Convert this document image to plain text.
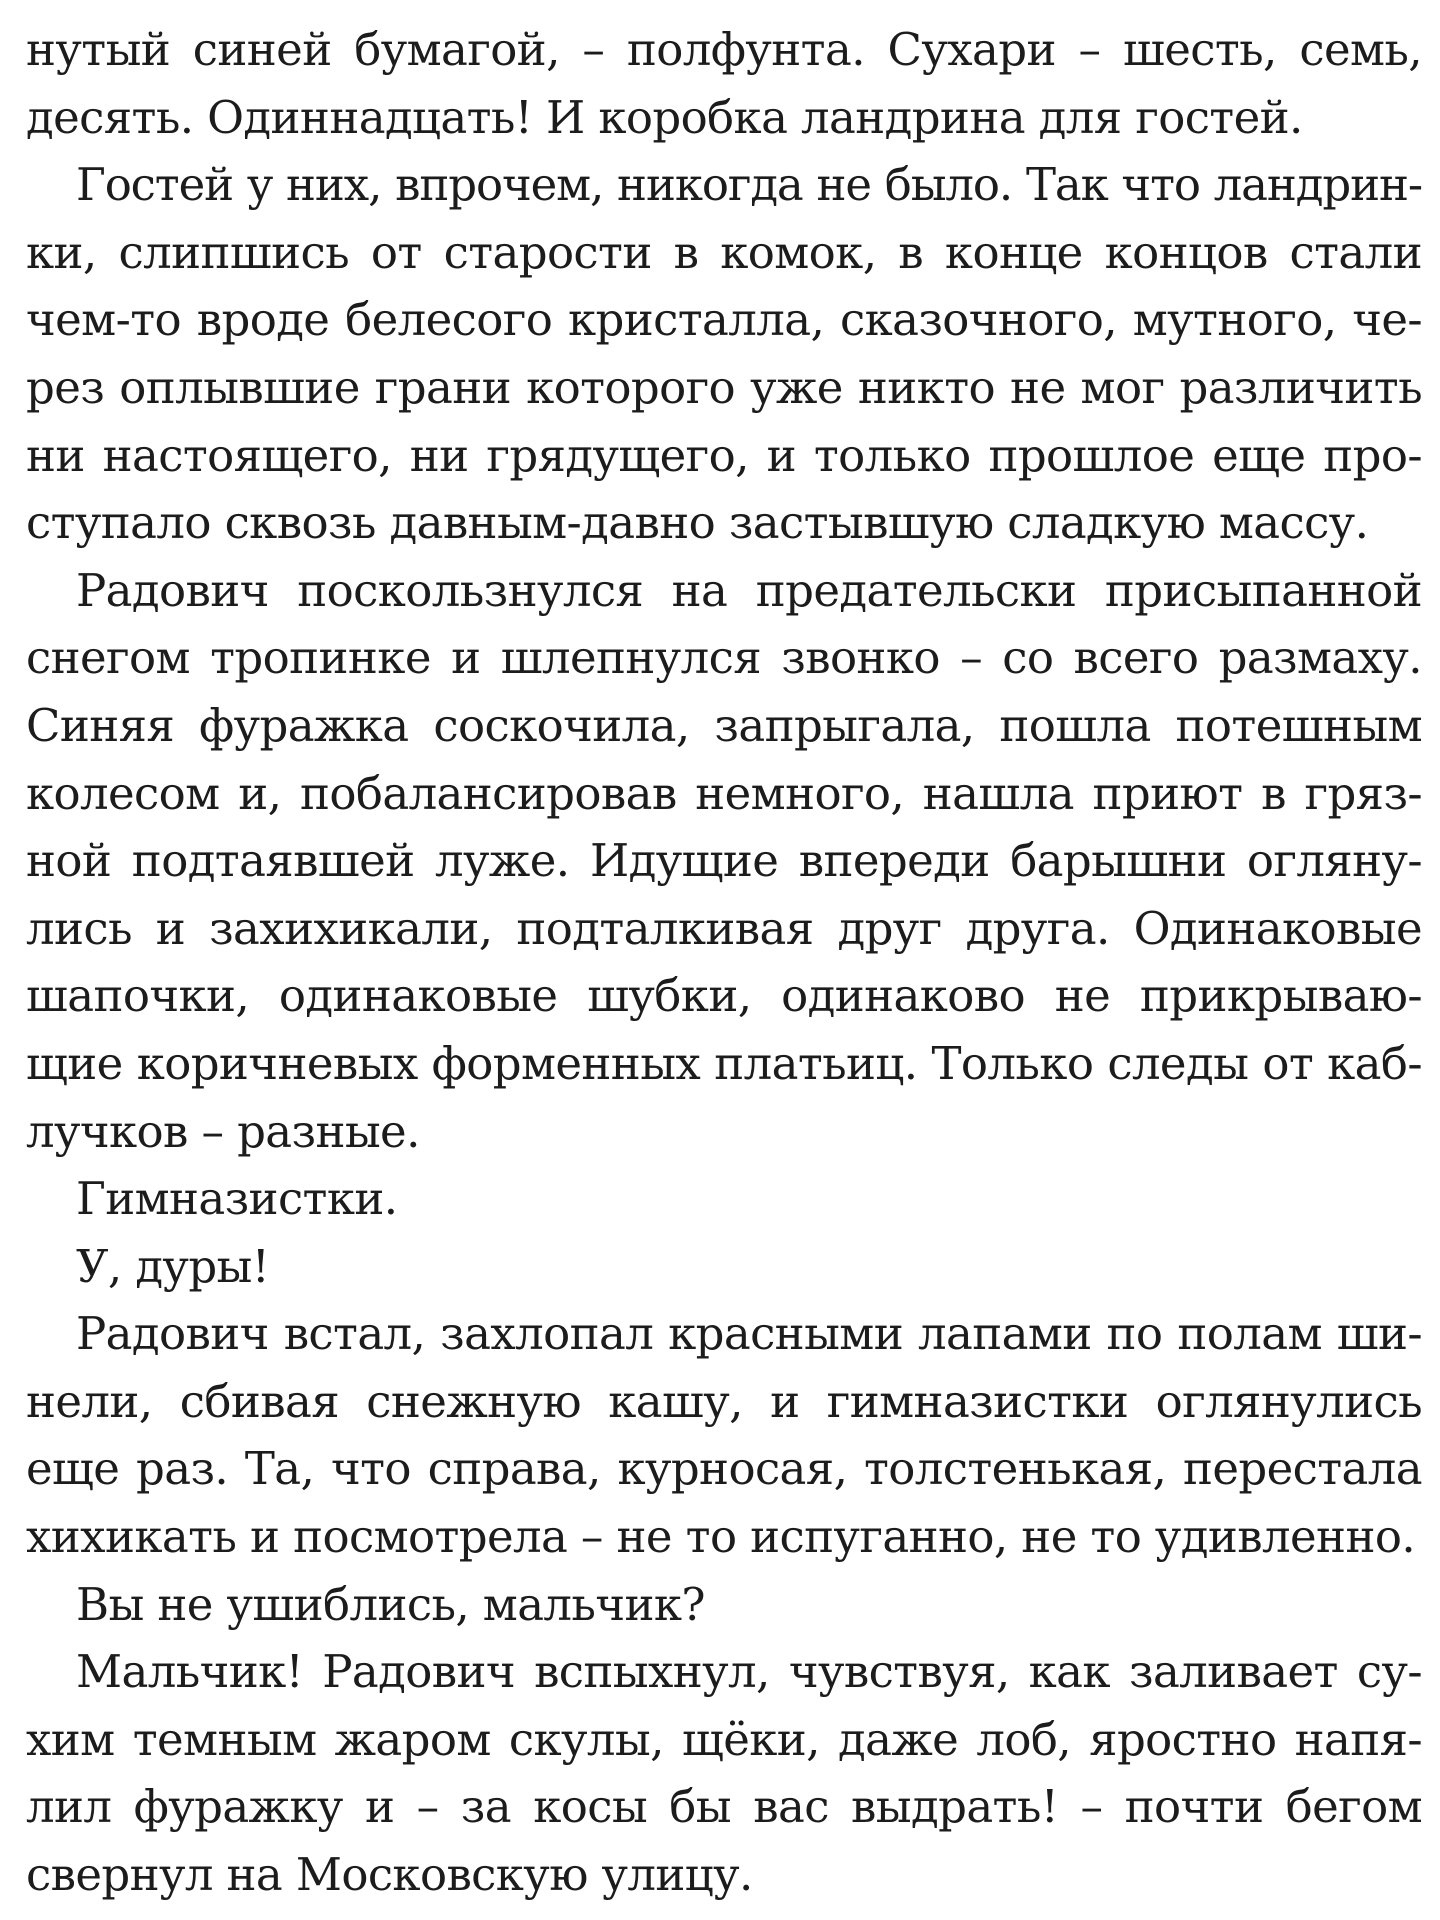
нутый синей бумагой, – полфунта. Сухари – шесть, семь,
десять. Одиннадцать! И коробка ландрина для гостей.
Гостей у них, впрочем, никогда не было. Так что ландрин-
ки, слипшись от старости в комок, в конце концов стали
чем-то вроде белесого кристалла, сказочного, мутного, че-
рез оплывшие грани которого уже никто не мог различить
ни настоящего, ни грядущего, и только прошлое еще про-
ступало сквозь давным-давно застывшую сладкую массу.
Радович поскользнулся на предательски присыпанной
снегом тропинке и шлепнулся звонко – со всего размаху.
Синяя фуражка соскочила, запрыгала, пошла потешным
колесом и, побалансировав немного, нашла приют в гряз-
ной подтаявшей луже. Идущие впереди барышни огляну-
лись и захихикали, подталкивая друг друга. Одинаковые
шапочки, одинаковые шубки, одинаково не прикрываю-
щие коричневых форменных платьиц. Только следы от каб-
лучков – разные.
Гимназистки.
У, дуры!
Радович встал, захлопал красными лапами по полам ши-
нели, сбивая снежную кашу, и гимназистки оглянулись
еще раз. Та, что справа, курносая, толстенькая, перестала
хихикать и посмотрела – не то испуганно, не то удивленно.
Вы не ушиблись, мальчик?
Мальчик! Радович вспыхнул, чувствуя, как заливает су-
хим темным жаром скулы, щёки, даже лоб, яростно напя-
лил фуражку и – за косы бы вас выдрать! – почти бегом
свернул на Московскую улицу.
